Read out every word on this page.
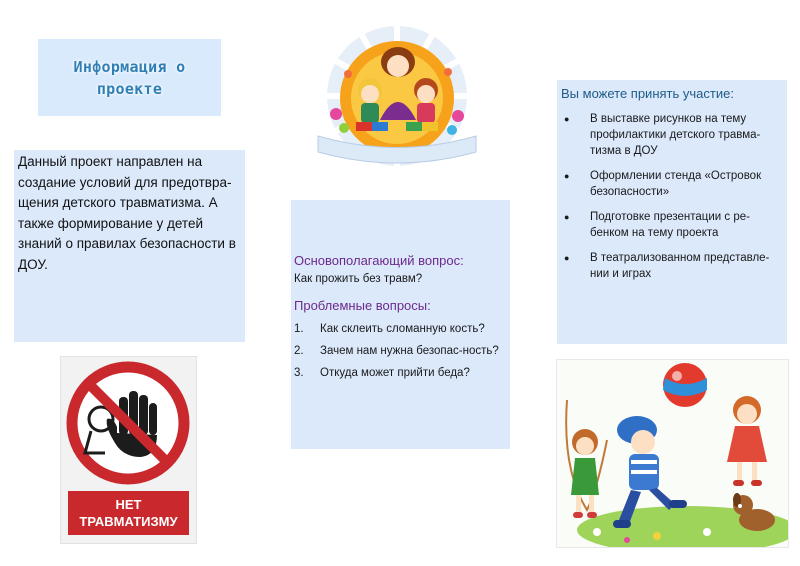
Информация о проекте

Данный проект направлен на создание условий для предотвра-щения детского травматизма. А также формирование у детей знаний о правилах безопасности в ДОУ.	Основополагающий вопрос:

Как прожить без травм?

Проблемные вопросы:

1.	Как склеить сломанную кость?
2.	Зачем нам нужна безопас-ность?
3.	Откуда может прийти беда?

Вы можете принять участие:

●	В выставке рисунков на тему профилактики детского травма-тизма в ДОУ
●	Оформлении стенда «Островок безопасности»
●	Подготовке презентации с ре-бенком на тему проекта
●	В театрализованном представле-нии и играх
НЕТ
ТРАВМАТИЗМУ
